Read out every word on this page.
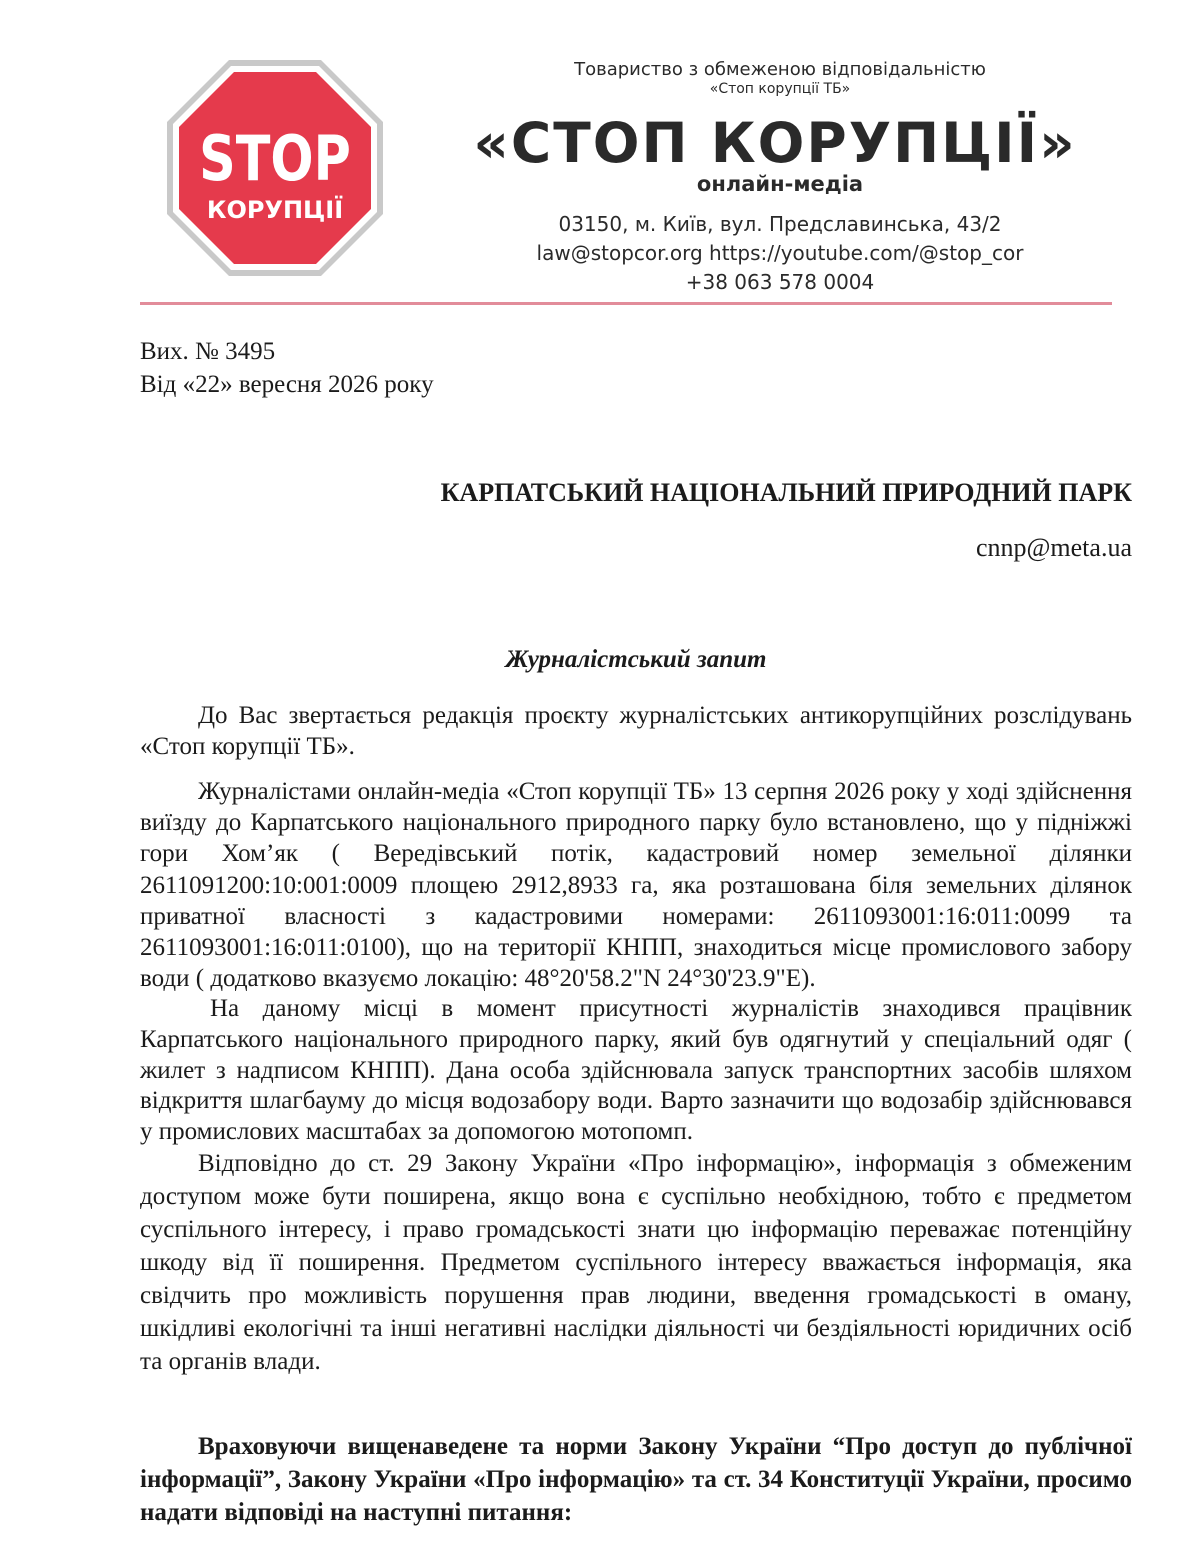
STOP
КОРУПЦІЇ
Товариство з обмеженою відповідальністю
«Стоп корупції ТБ»
«СТОП КОРУПЦІЇ»
онлайн-медіа
03150, м. Київ, вул. Предславинська, 43/2
law@stopcor.org https://youtube.com/@stop_cor
+38 063 578 0004
Вих. № 3495
Від «22» вересня 2026 року
КАРПАТСЬКИЙ НАЦІОНАЛЬНИЙ ПРИРОДНИЙ ПАРК
cnnp@meta.ua
Журналістський запит
До Вас звертається редакція проєкту журналістських антикорупційних розслідувань «Стоп корупції ТБ».
Журналістами онлайн-медіа «Стоп корупції ТБ» 13 серпня 2026 року у ході здійснення виїзду до Карпатського національного природного парку було встановлено, що у підніжжі гори Хом’як ( Вередівський потік, кадастровий номер земельної ділянки 2611091200:10:001:0009 площею 2912,8933 га, яка розташована біля земельних ділянок приватної власності з кадастровими номерами: 2611093001:16:011:0099 та 2611093001:16:011:0100), що на території КНПП, знаходиться місце промислового забору води ( додатково вказуємо локацію: 48°20'58.2"N 24°30'23.9"E).
На даному місці в момент присутності журналістів знаходився працівник Карпатського національного природного парку, який був одягнутий у спеціальний одяг ( жилет з надписом КНПП). Дана особа здійснювала запуск транспортних засобів шляхом відкриття шлагбауму до місця водозабору води. Варто зазначити що водозабір здійснювався у промислових масштабах за допомогою мотопомп.
Відповідно до ст. 29 Закону України «Про інформацію», інформація з обмеженим доступом може бути поширена, якщо вона є суспільно необхідною, тобто є предметом суспільного інтересу, і право громадськості знати цю інформацію переважає потенційну шкоду від її поширення. Предметом суспільного інтересу вважається інформація, яка свідчить про можливість порушення прав людини, введення громадськості в оману, шкідливі екологічні та інші негативні наслідки діяльності чи бездіяльності юридичних осіб та органів влади.
Враховуючи вищенаведене та норми Закону України “Про доступ до публічної інформації”, Закону України «Про інформацію» та ст. 34 Конституції України, просимо надати відповіді на наступні питання:
